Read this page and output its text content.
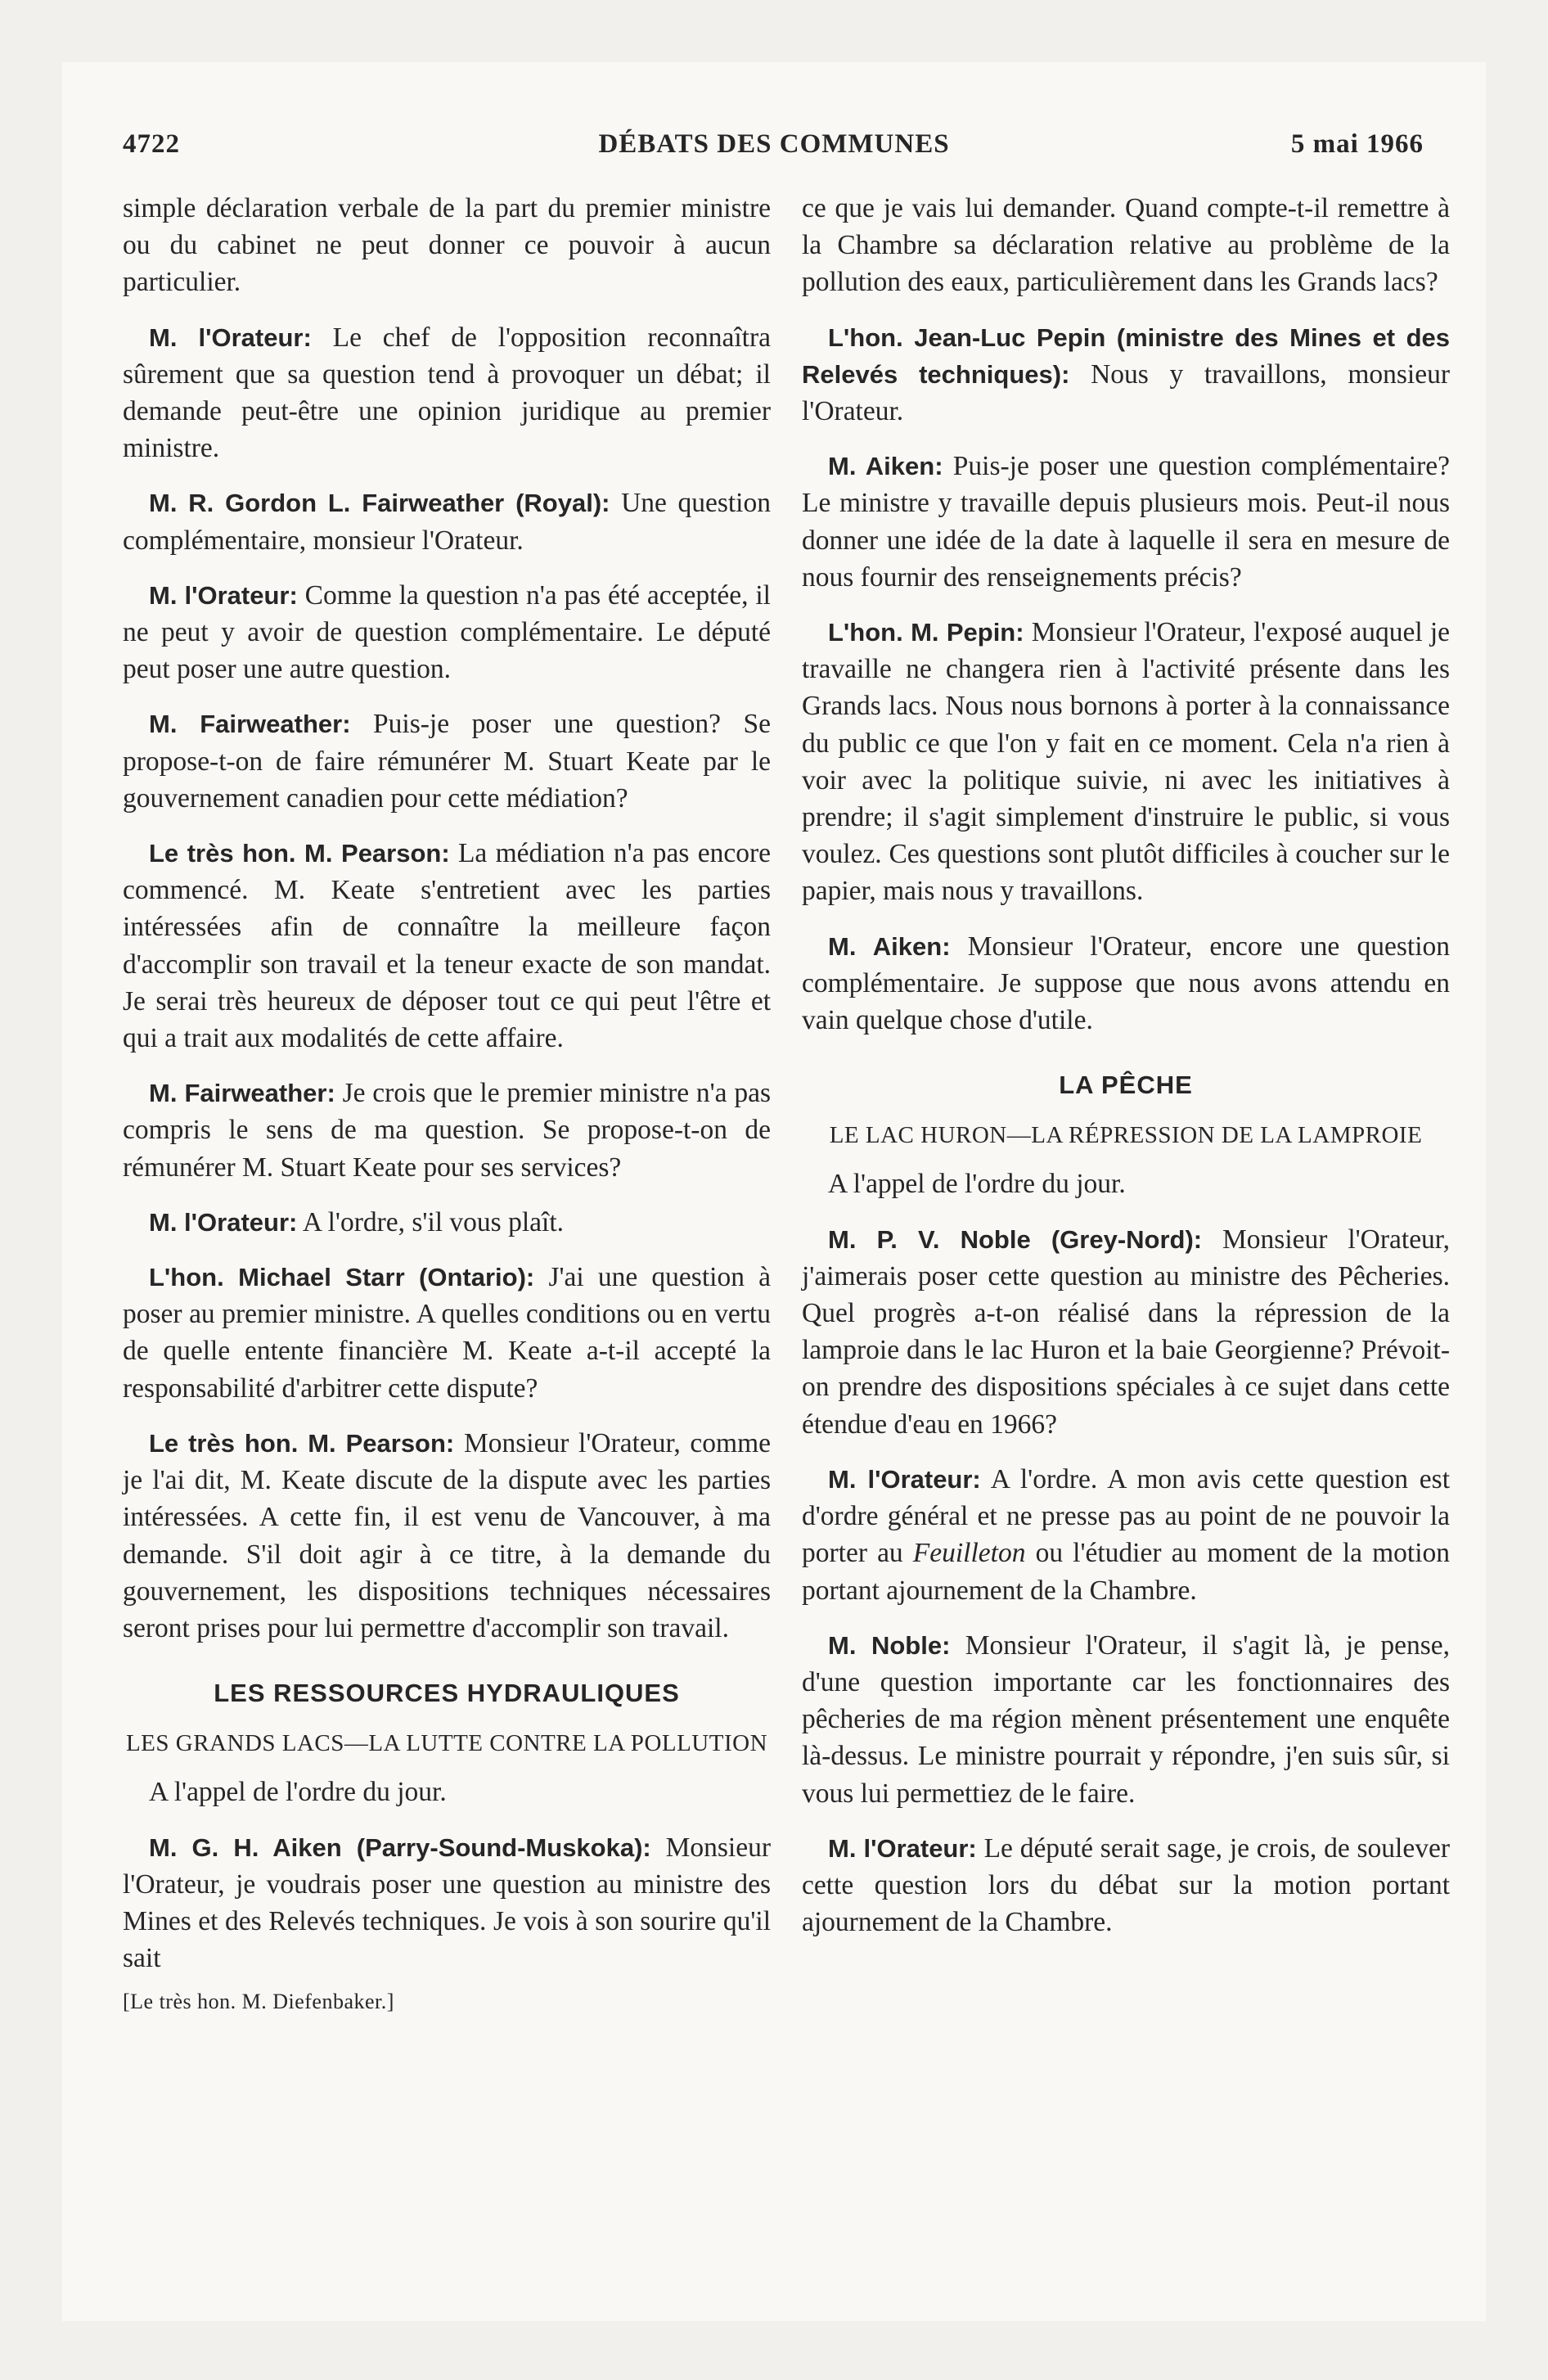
4722	DÉBATS DES COMMUNES	5 mai 1966

simple déclaration verbale de la part du premier ministre ou du cabinet ne peut donner ce pouvoir à aucun particulier.

M. l'Orateur: Le chef de l'opposition reconnaîtra sûrement que sa question tend à provoquer un débat; il demande peut-être une opinion juridique au premier ministre.

M. R. Gordon L. Fairweather (Royal): Une question complémentaire, monsieur l'Orateur.

M. l'Orateur: Comme la question n'a pas été acceptée, il ne peut y avoir de question complémentaire. Le député peut poser une autre question.

M. Fairweather: Puis-je poser une question? Se propose-t-on de faire rémunérer M. Stuart Keate par le gouvernement canadien pour cette médiation?

Le très hon. M. Pearson: La médiation n'a pas encore commencé. M. Keate s'entretient avec les parties intéressées afin de connaître la meilleure façon d'accomplir son travail et la teneur exacte de son mandat. Je serai très heureux de déposer tout ce qui peut l'être et qui a trait aux modalités de cette affaire.

M. Fairweather: Je crois que le premier ministre n'a pas compris le sens de ma question. Se propose-t-on de rémunérer M. Stuart Keate pour ses services?

M. l'Orateur: A l'ordre, s'il vous plaît.

L'hon. Michael Starr (Ontario): J'ai une question à poser au premier ministre. A quelles conditions ou en vertu de quelle entente financière M. Keate a-t-il accepté la responsabilité d'arbitrer cette dispute?

Le très hon. M. Pearson: Monsieur l'Orateur, comme je l'ai dit, M. Keate discute de la dispute avec les parties intéressées. A cette fin, il est venu de Vancouver, à ma demande. S'il doit agir à ce titre, à la demande du gouvernement, les dispositions techniques nécessaires seront prises pour lui permettre d'accomplir son travail.

LES RESSOURCES HYDRAULIQUES
LES GRANDS LACS—LA LUTTE CONTRE LA POLLUTION

A l'appel de l'ordre du jour.

M. G. H. Aiken (Parry-Sound-Muskoka): Monsieur l'Orateur, je voudrais poser une question au ministre des Mines et des Relevés techniques. Je vois à son sourire qu'il sait

[Le très hon. M. Diefenbaker.]

ce que je vais lui demander. Quand compte-t-il remettre à la Chambre sa déclaration relative au problème de la pollution des eaux, particulièrement dans les Grands lacs?

L'hon. Jean-Luc Pepin (ministre des Mines et des Relevés techniques): Nous y travaillons, monsieur l'Orateur.

M. Aiken: Puis-je poser une question complémentaire? Le ministre y travaille depuis plusieurs mois. Peut-il nous donner une idée de la date à laquelle il sera en mesure de nous fournir des renseignements précis?

L'hon. M. Pepin: Monsieur l'Orateur, l'exposé auquel je travaille ne changera rien à l'activité présente dans les Grands lacs. Nous nous bornons à porter à la connaissance du public ce que l'on y fait en ce moment. Cela n'a rien à voir avec la politique suivie, ni avec les initiatives à prendre; il s'agit simplement d'instruire le public, si vous voulez. Ces questions sont plutôt difficiles à coucher sur le papier, mais nous y travaillons.

M. Aiken: Monsieur l'Orateur, encore une question complémentaire. Je suppose que nous avons attendu en vain quelque chose d'utile.

LA PÊCHE
LE LAC HURON—LA RÉPRESSION DE LA LAMPROIE

A l'appel de l'ordre du jour.

M. P. V. Noble (Grey-Nord): Monsieur l'Orateur, j'aimerais poser cette question au ministre des Pêcheries. Quel progrès a-t-on réalisé dans la répression de la lamproie dans le lac Huron et la baie Georgienne? Prévoit-on prendre des dispositions spéciales à ce sujet dans cette étendue d'eau en 1966?

M. l'Orateur: A l'ordre. A mon avis cette question est d'ordre général et ne presse pas au point de ne pouvoir la porter au Feuilleton ou l'étudier au moment de la motion portant ajournement de la Chambre.

M. Noble: Monsieur l'Orateur, il s'agit là, je pense, d'une question importante car les fonctionnaires des pêcheries de ma région mènent présentement une enquête là-dessus. Le ministre pourrait y répondre, j'en suis sûr, si vous lui permettiez de le faire.

M. l'Orateur: Le député serait sage, je crois, de soulever cette question lors du débat sur la motion portant ajournement de la Chambre.
